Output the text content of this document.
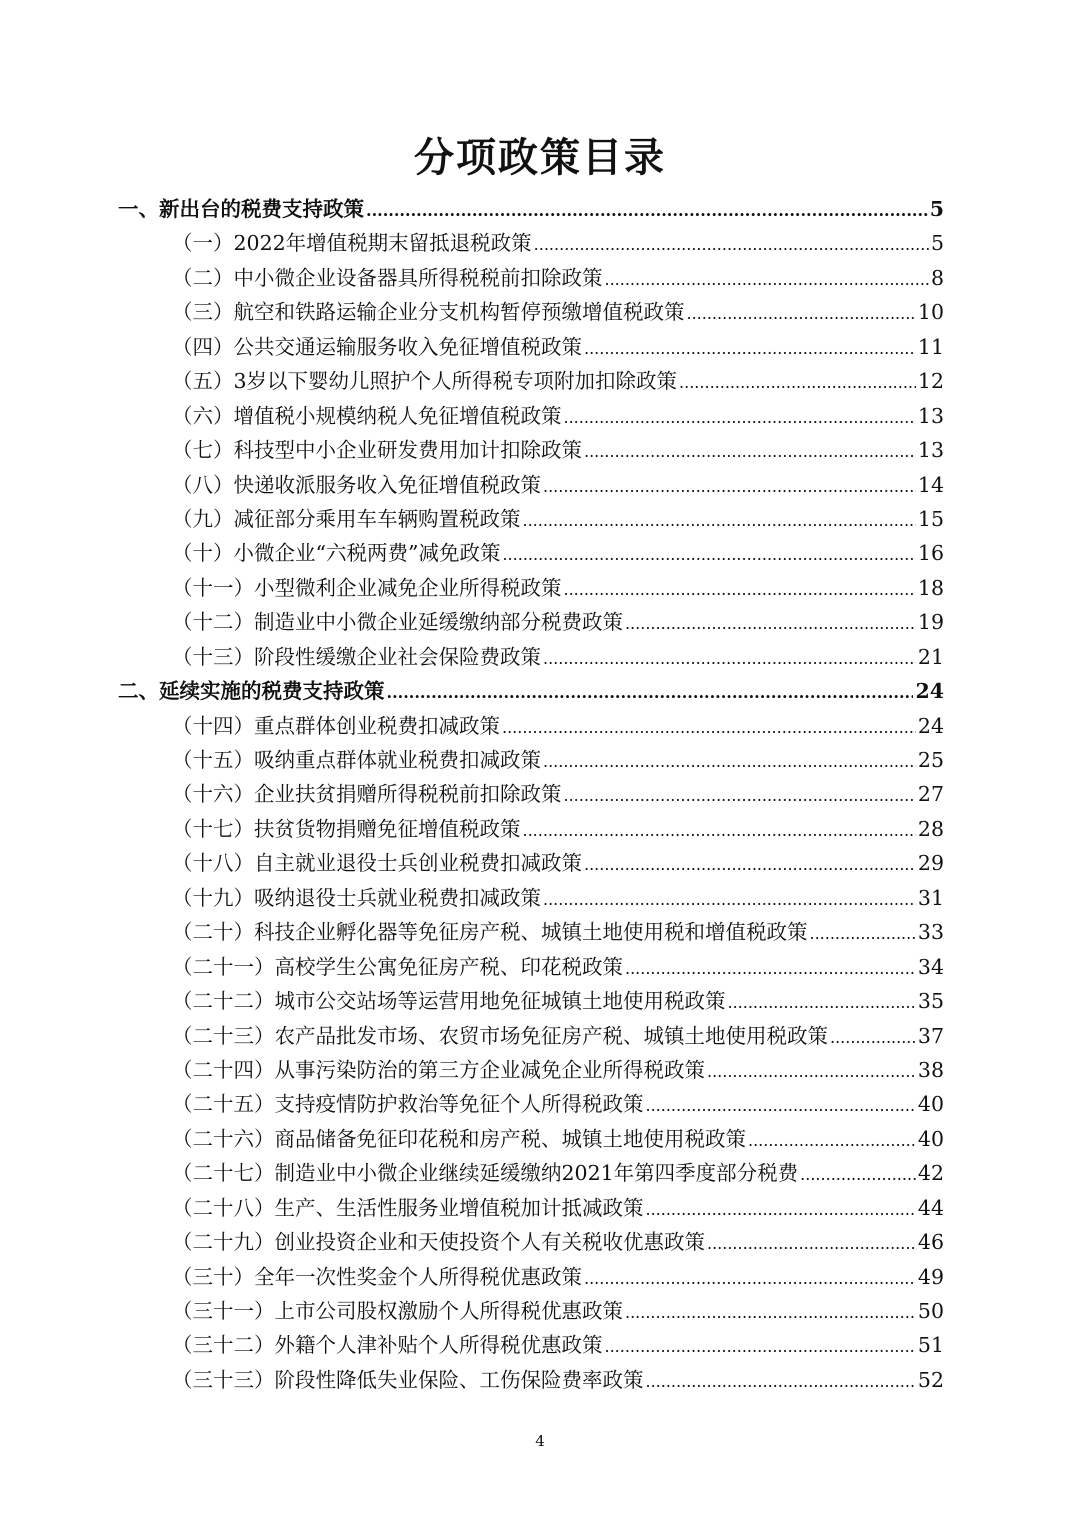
分项政策目录
一、新出台的税费支持政策 .....	5
（一）2022年增值税期末留抵退税政策 .....	5
（二）中小微企业设备器具所得税税前扣除政策 .....	8
（三）航空和铁路运输企业分支机构暂停预缴增值税政策 .....	10
（四）公共交通运输服务收入免征增值税政策 .....	11
（五）3岁以下婴幼儿照护个人所得税专项附加扣除政策 .....	12
（六）增值税小规模纳税人免征增值税政策 .....	13
（七）科技型中小企业研发费用加计扣除政策 .....	13
（八）快递收派服务收入免征增值税政策 .....	14
（九）减征部分乘用车车辆购置税政策 .....	15
（十）小微企业“六税两费”减免政策 .....	16
（十一）小型微利企业减免企业所得税政策 .....	18
（十二）制造业中小微企业延缓缴纳部分税费政策 .....	19
（十三）阶段性缓缴企业社会保险费政策 .....	21
二、延续实施的税费支持政策 .....	24
（十四）重点群体创业税费扣减政策 .....	24
（十五）吸纳重点群体就业税费扣减政策 .....	25
（十六）企业扶贫捐赠所得税税前扣除政策 .....	27
（十七）扶贫货物捐赠免征增值税政策 .....	28
（十八）自主就业退役士兵创业税费扣减政策 .....	29
（十九）吸纳退役士兵就业税费扣减政策 .....	31
（二十）科技企业孵化器等免征房产税、城镇土地使用税和增值税政策 .....	33
（二十一）高校学生公寓免征房产税、印花税政策 .....	34
（二十二）城市公交站场等运营用地免征城镇土地使用税政策 .....	35
（二十三）农产品批发市场、农贸市场免征房产税、城镇土地使用税政策 .....	37
（二十四）从事污染防治的第三方企业减免企业所得税政策 .....	38
（二十五）支持疫情防护救治等免征个人所得税政策 .....	40
（二十六）商品储备免征印花税和房产税、城镇土地使用税政策 .....	40
（二十七）制造业中小微企业继续延缓缴纳2021年第四季度部分税费 .....	42
（二十八）生产、生活性服务业增值税加计抵减政策 .....	44
（二十九）创业投资企业和天使投资个人有关税收优惠政策 .....	46
（三十）全年一次性奖金个人所得税优惠政策 .....	49
（三十一）上市公司股权激励个人所得税优惠政策 .....	50
（三十二）外籍个人津补贴个人所得税优惠政策 .....	51
（三十三）阶段性降低失业保险、工伤保险费率政策 .....	52
4
